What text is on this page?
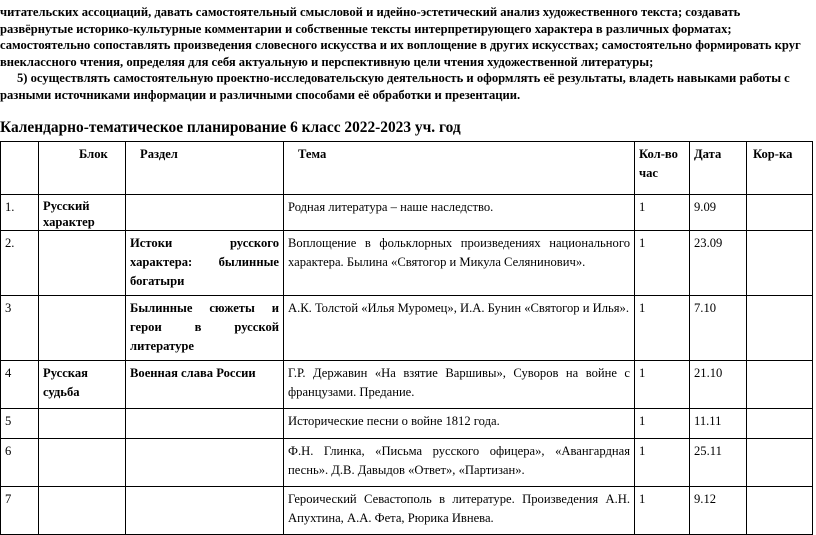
читательских ассоциаций, давать самостоятельный смысловой и идейно-эстетический анализ художественного текста; создавать развёрнутые историко-культурные комментарии и собственные тексты интерпретирующего характера в различных форматах; самостоятельно сопоставлять произведения словесного искусства и их воплощение в других искусствах; самостоятельно формировать круг внеклассного чтения, определяя для себя актуальную и перспективную цели чтения художественной литературы;

5) осуществлять самостоятельную проектно-исследовательскую деятельность и оформлять её результаты, владеть навыками работы с разными источниками информации и различными способами её обработки и презентации.

Календарно-тематическое планирование 6 класс 2022-2023 уч. год
	Блок	Раздел	Тема	Кол-во час	Дата	Кор-ка
1.	Русский характер		Родная литература – наше наследство.	1	9.09	
2.		Истоки русского характера: былинные богатыри	Воплощение в фольклорных произведениях национального характера. Былина «Святогор и Микула Селянинович».	1	23.09	
3		Былинные сюжеты и герои в русской литературе	А.К. Толстой «Илья Муромец», И.А. Бунин «Святогор и Илья».	1	7.10	
4	Русская судьба	Военная слава России	Г.Р. Державин «На взятие Варшивы», Суворов на войне с французами. Предание.	1	21.10	
5			Исторические песни о войне 1812 года.	1	11.11	
6			Ф.Н. Глинка, «Письма русского офицера», «Авангардная песнь». Д.В. Давыдов «Ответ», «Партизан».	1	25.11	
7			Героический Севастополь в литературе. Произведения А.Н. Апухтина, А.А. Фета, Рюрика Ивнева.	1	9.12	
